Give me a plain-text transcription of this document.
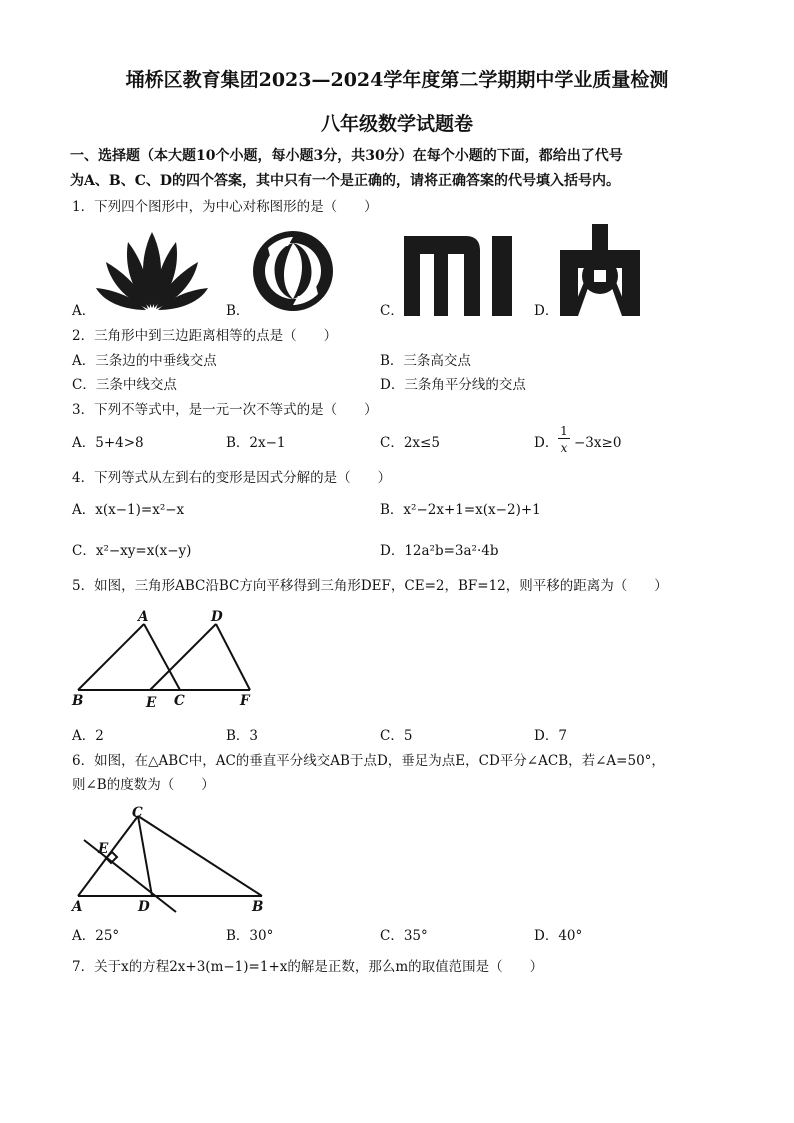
埇桥区教育集团2023—2024学年度第二学期期中学业质量检测
八年级数学试题卷
一、选择题（本大题10个小题，每小题3分，共30分）在每个小题的下面，都给出了代号
为A、B、C、D的四个答案，其中只有一个是正确的，请将正确答案的代号填入括号内。
1．下列四个图形中，为中心对称图形的是（　　）
A．	B．	C．	D．
2．三角形中到三边距离相等的点是（　　）
A．三条边的中垂线交点	B．三条高交点
C．三条中线交点	D．三条角平分线的交点
3．下列不等式中，是一元一次不等式的是（　　）
A．5+4>8	B．2x−1	C．2x≤5	D．
1
x −3x≥0
4．下列等式从左到右的变形是因式分解的是（　　）
A．x(x−1)=x²−x	B．x²−2x+1=x(x−2)+1
C．x²−xy=x(x−y)	D．12a²b=3a²·4b
5．如图，三角形ABC沿BC方向平移得到三角形DEF，CE=2，BF=12，则平移的距离为（　　）
A	D
B	E C	F
A．2	B．3	C．5	D．7
6．如图，在△ABC中，AC的垂直平分线交AB于点D，垂足为点E，CD平分∠ACB，若∠A=50°，
则∠B的度数为（　　）
C
E
A	D	B
A．25°	B．30°	C．35°	D．40°
7．关于x的方程2x+3(m−1)=1+x的解是正数，那么m的取值范围是（　　）
